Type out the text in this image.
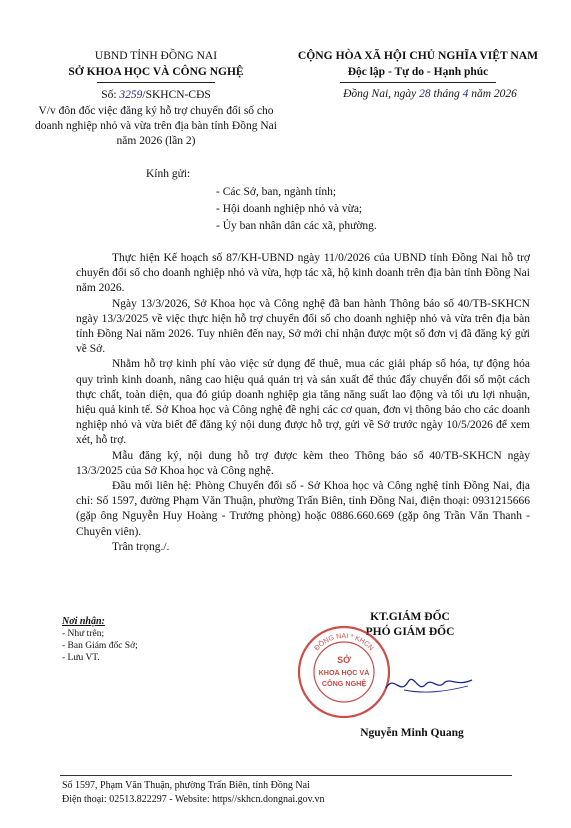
UBND TỈNH ĐỒNG NAI
SỞ KHOA HỌC VÀ CÔNG NGHỆ
CỘNG HÒA XÃ HỘI CHỦ NGHĨA VIỆT NAM
Độc lập - Tự do - Hạnh phúc
Số: 3259/SKHCN-CĐS
V/v đôn đốc việc đăng ký hỗ trợ chuyển đổi số cho doanh nghiệp nhỏ và vừa trên địa bàn tỉnh Đồng Nai năm 2026 (lần 2)
Đồng Nai, ngày 28 tháng 4 năm 2026
Kính gửi:
- Các Sở, ban, ngành tỉnh;
- Hội doanh nghiệp nhỏ và vừa;
- Ủy ban nhân dân các xã, phường.

Thực hiện Kế hoạch số 87/KH-UBND ngày 11/0/2026 của UBND tỉnh Đồng Nai hỗ trợ chuyển đổi số cho doanh nghiệp nhỏ và vừa, hợp tác xã, hộ kinh doanh trên địa bàn tỉnh Đồng Nai năm 2026.

Ngày 13/3/2026, Sở Khoa học và Công nghệ đã ban hành Thông báo số 40/TB-SKHCN ngày 13/3/2025 về việc thực hiện hỗ trợ chuyển đổi số cho doanh nghiệp nhỏ và vừa trên địa bàn tỉnh Đồng Nai năm 2026. Tuy nhiên đến nay, Sở mới chỉ nhận được một số đơn vị đã đăng ký gửi về Sở.

Nhằm hỗ trợ kinh phí vào việc sử dụng để thuê, mua các giải pháp số hóa, tự động hóa quy trình kinh doanh, nâng cao hiệu quả quản trị và sản xuất để thúc đẩy chuyển đổi số một cách thực chất, toàn diện, qua đó giúp doanh nghiệp gia tăng năng suất lao động và tối ưu lợi nhuận, hiệu quả kinh tế. Sở Khoa học và Công nghệ đề nghị các cơ quan, đơn vị thông báo cho các doanh nghiệp nhỏ và vừa biết để đăng ký nội dung được hỗ trợ, gửi về Sở trước ngày 10/5/2026 để xem xét, hỗ trợ.

Mẫu đăng ký, nội dung hỗ trợ được kèm theo Thông báo số 40/TB-SKHCN ngày 13/3/2025 của Sở Khoa học và Công nghệ.

Đầu mối liên hệ: Phòng Chuyển đổi số - Sở Khoa học và Công nghệ tỉnh Đồng Nai, địa chỉ: Số 1597, đường Phạm Văn Thuận, phường Trấn Biên, tỉnh Đồng Nai, điện thoại: 0931215666 (gặp ông Nguyễn Huy Hoàng - Trưởng phòng) hoặc 0886.660.669 (gặp ông Trần Văn Thanh - Chuyên viên).

Trân trọng./.

Nơi nhận:
- Như trên;
- Ban Giám đốc Sở;
- Lưu VT.
KT.GIÁM ĐỐC
PHÓ GIÁM ĐỐC
ĐỒNG NAI * KHCN
SỞ
KHOA HỌC VÀ
CÔNG NGHỆ
Nguyễn Minh Quang
Số 1597, Phạm Văn Thuận, phường Trấn Biên, tỉnh Đồng Nai
Điện thoại: 02513.822297 - Website: https//skhcn.dongnai.gov.vn
